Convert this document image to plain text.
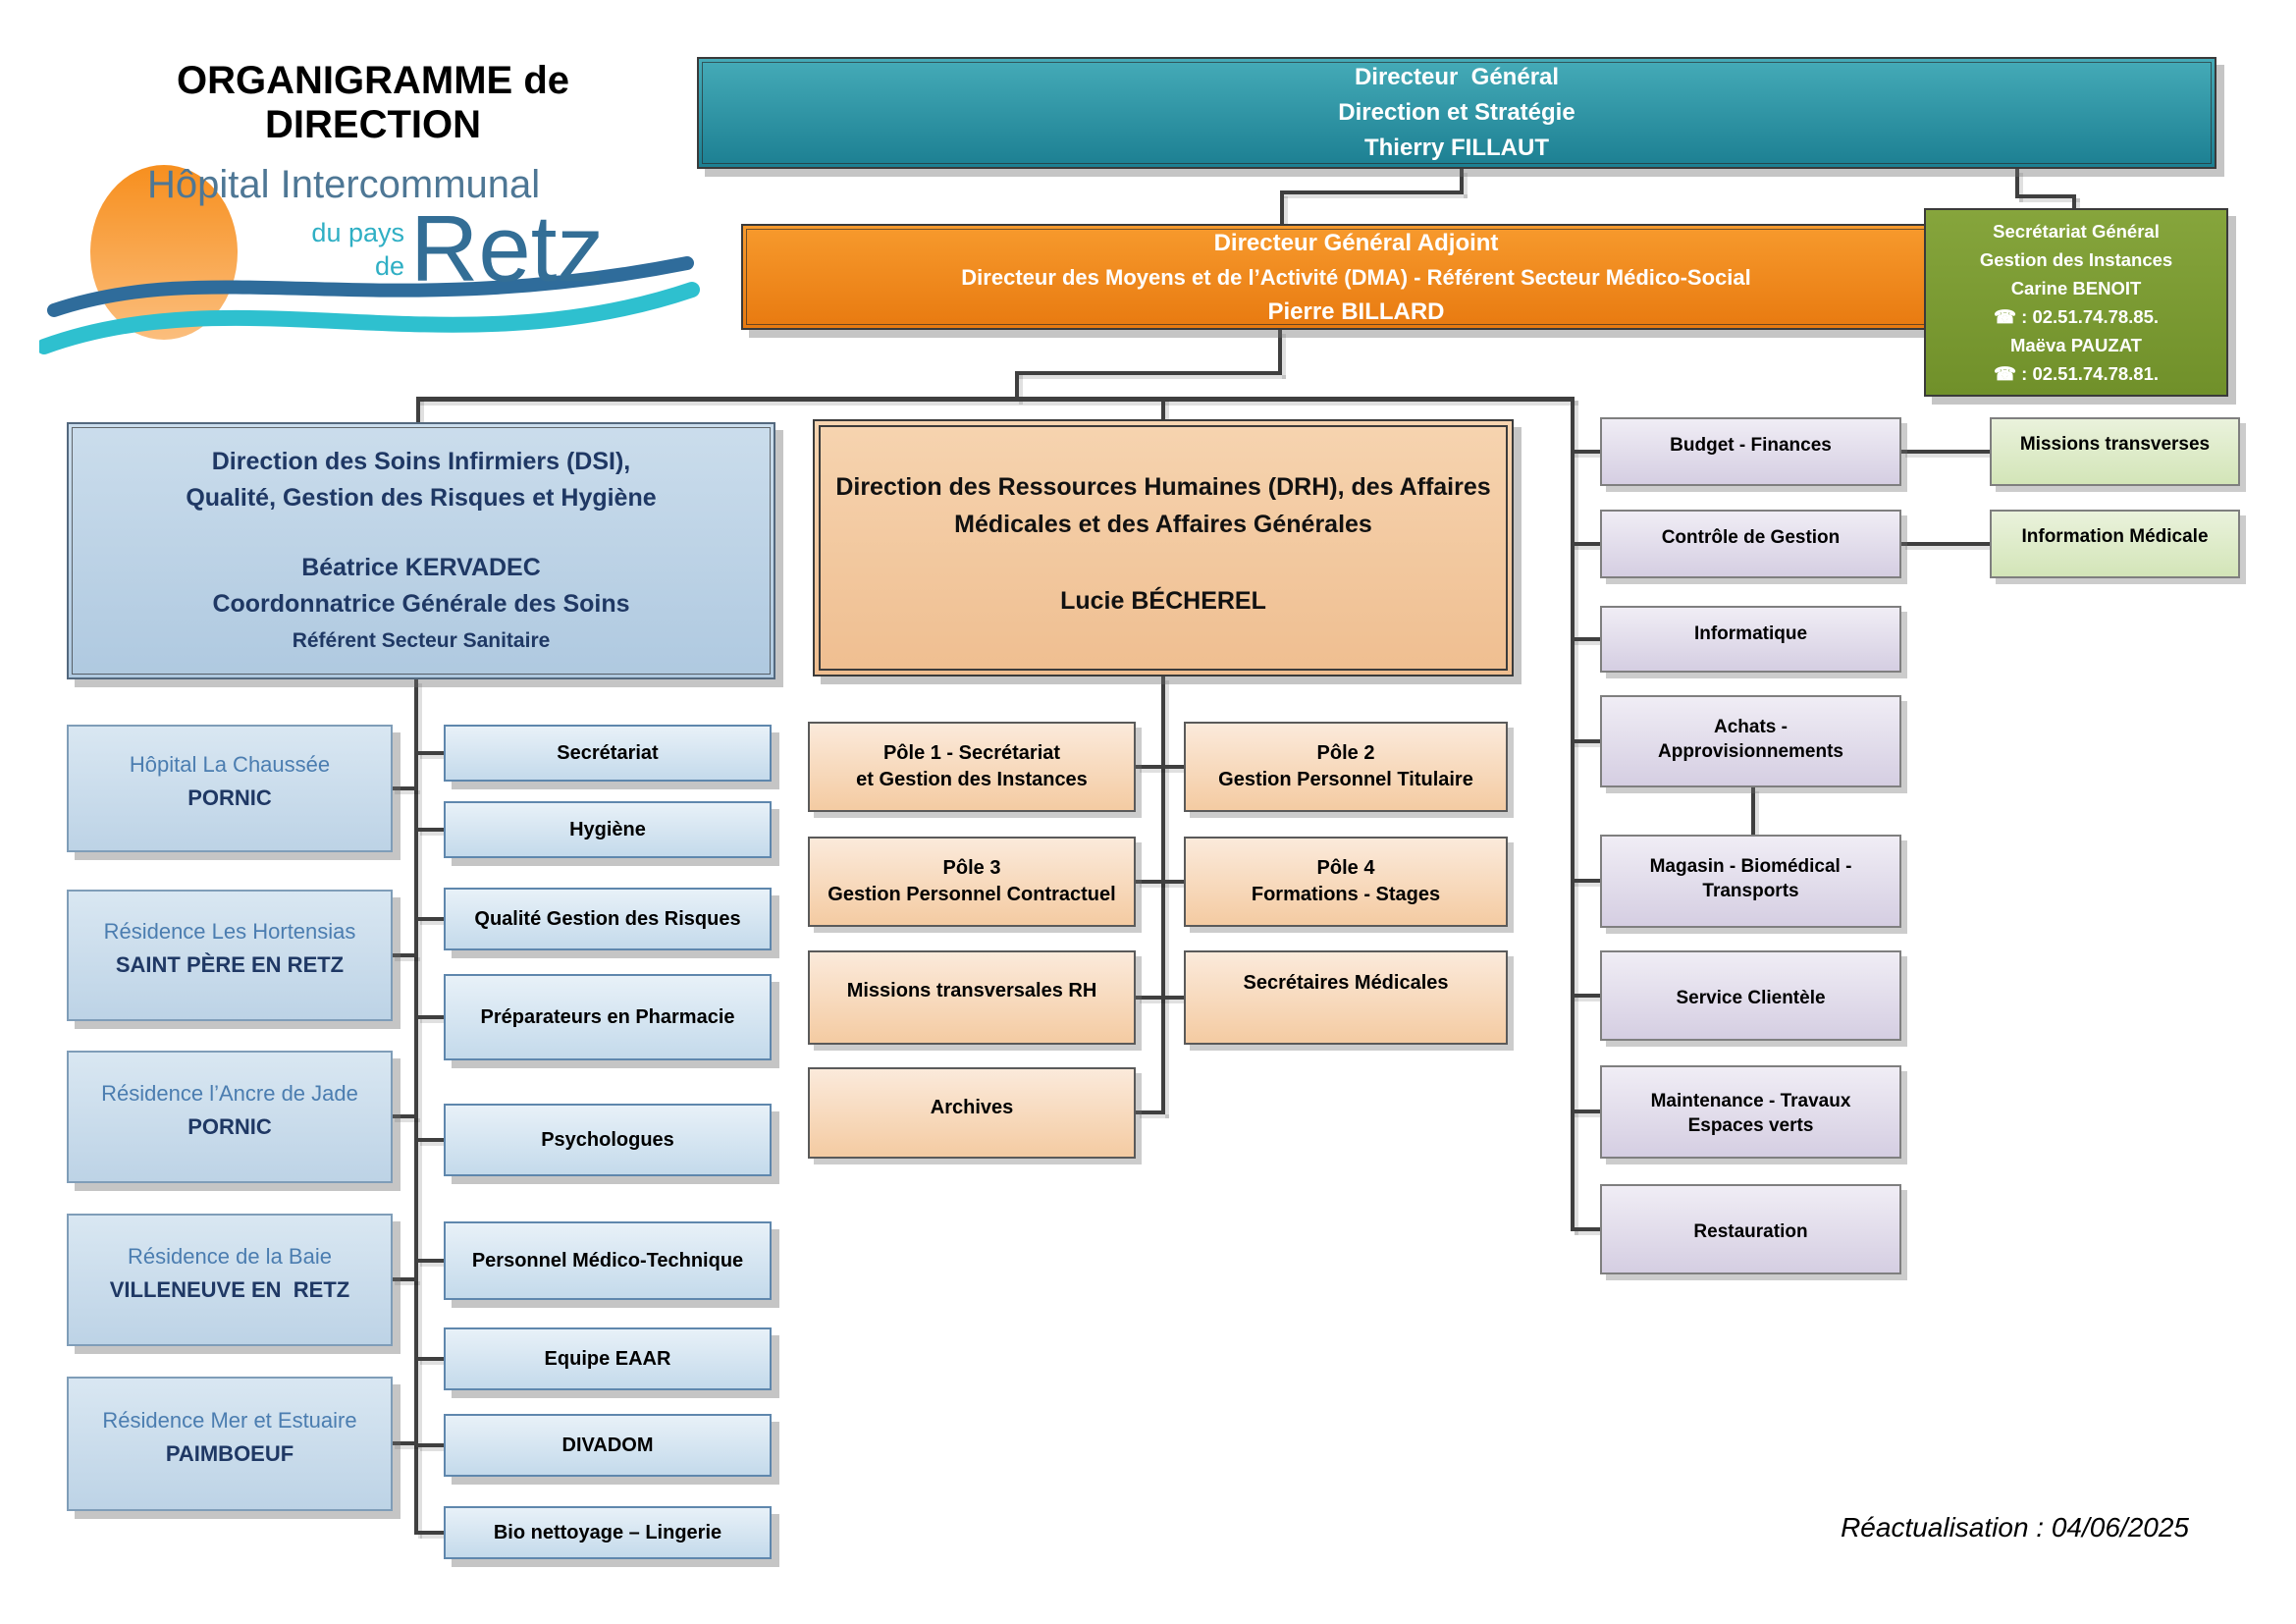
ORGANIGRAMME de DIRECTION
Hôpital Intercommunal
du pays
de Retz
Directeur  Général
Direction et Stratégie
Thierry FILLAUT
Directeur Général Adjoint
Directeur des Moyens et de l’Activité (DMA) - Référent Secteur Médico-Social
Pierre BILLARD
Secrétariat Général
Gestion des Instances
Carine BENOIT
☎ : 02.51.74.78.85.
Maëva PAUZAT
☎ : 02.51.74.78.81.
Direction des Soins Infirmiers (DSI),
Qualité, Gestion des Risques et Hygiène
Béatrice KERVADEC
Coordonnatrice Générale des Soins
Référent Secteur Sanitaire
Direction des Ressources Humaines (DRH), des Affaires
Médicales et des Affaires Générales
Lucie BÉCHEREL
Hôpital La Chaussée
PORNIC
Résidence Les Hortensias
SAINT PÈRE EN RETZ
Résidence l’Ancre de Jade
PORNIC
Résidence de la Baie
VILLENEUVE EN  RETZ
Résidence Mer et Estuaire
PAIMBOEUF
Secrétariat
Hygiène
Qualité Gestion des Risques
Préparateurs en Pharmacie
Psychologues
Personnel Médico-Technique
Equipe EAAR
DIVADOM
Bio nettoyage – Lingerie
Pôle 1 - Secrétariat
et Gestion des Instances
Pôle 2
Gestion Personnel Titulaire
Pôle 3
Gestion Personnel Contractuel
Pôle 4
Formations - Stages
Missions transversales RH	Secrétaires Médicales
Archives
Budget - Finances
Contrôle de Gestion
Informatique
Achats -
Approvisionnements
Magasin - Biomédical -
Transports
Service Clientèle
Maintenance - Travaux
Espaces verts
Restauration
Missions transverses
Information Médicale
Réactualisation : 04/06/2025
